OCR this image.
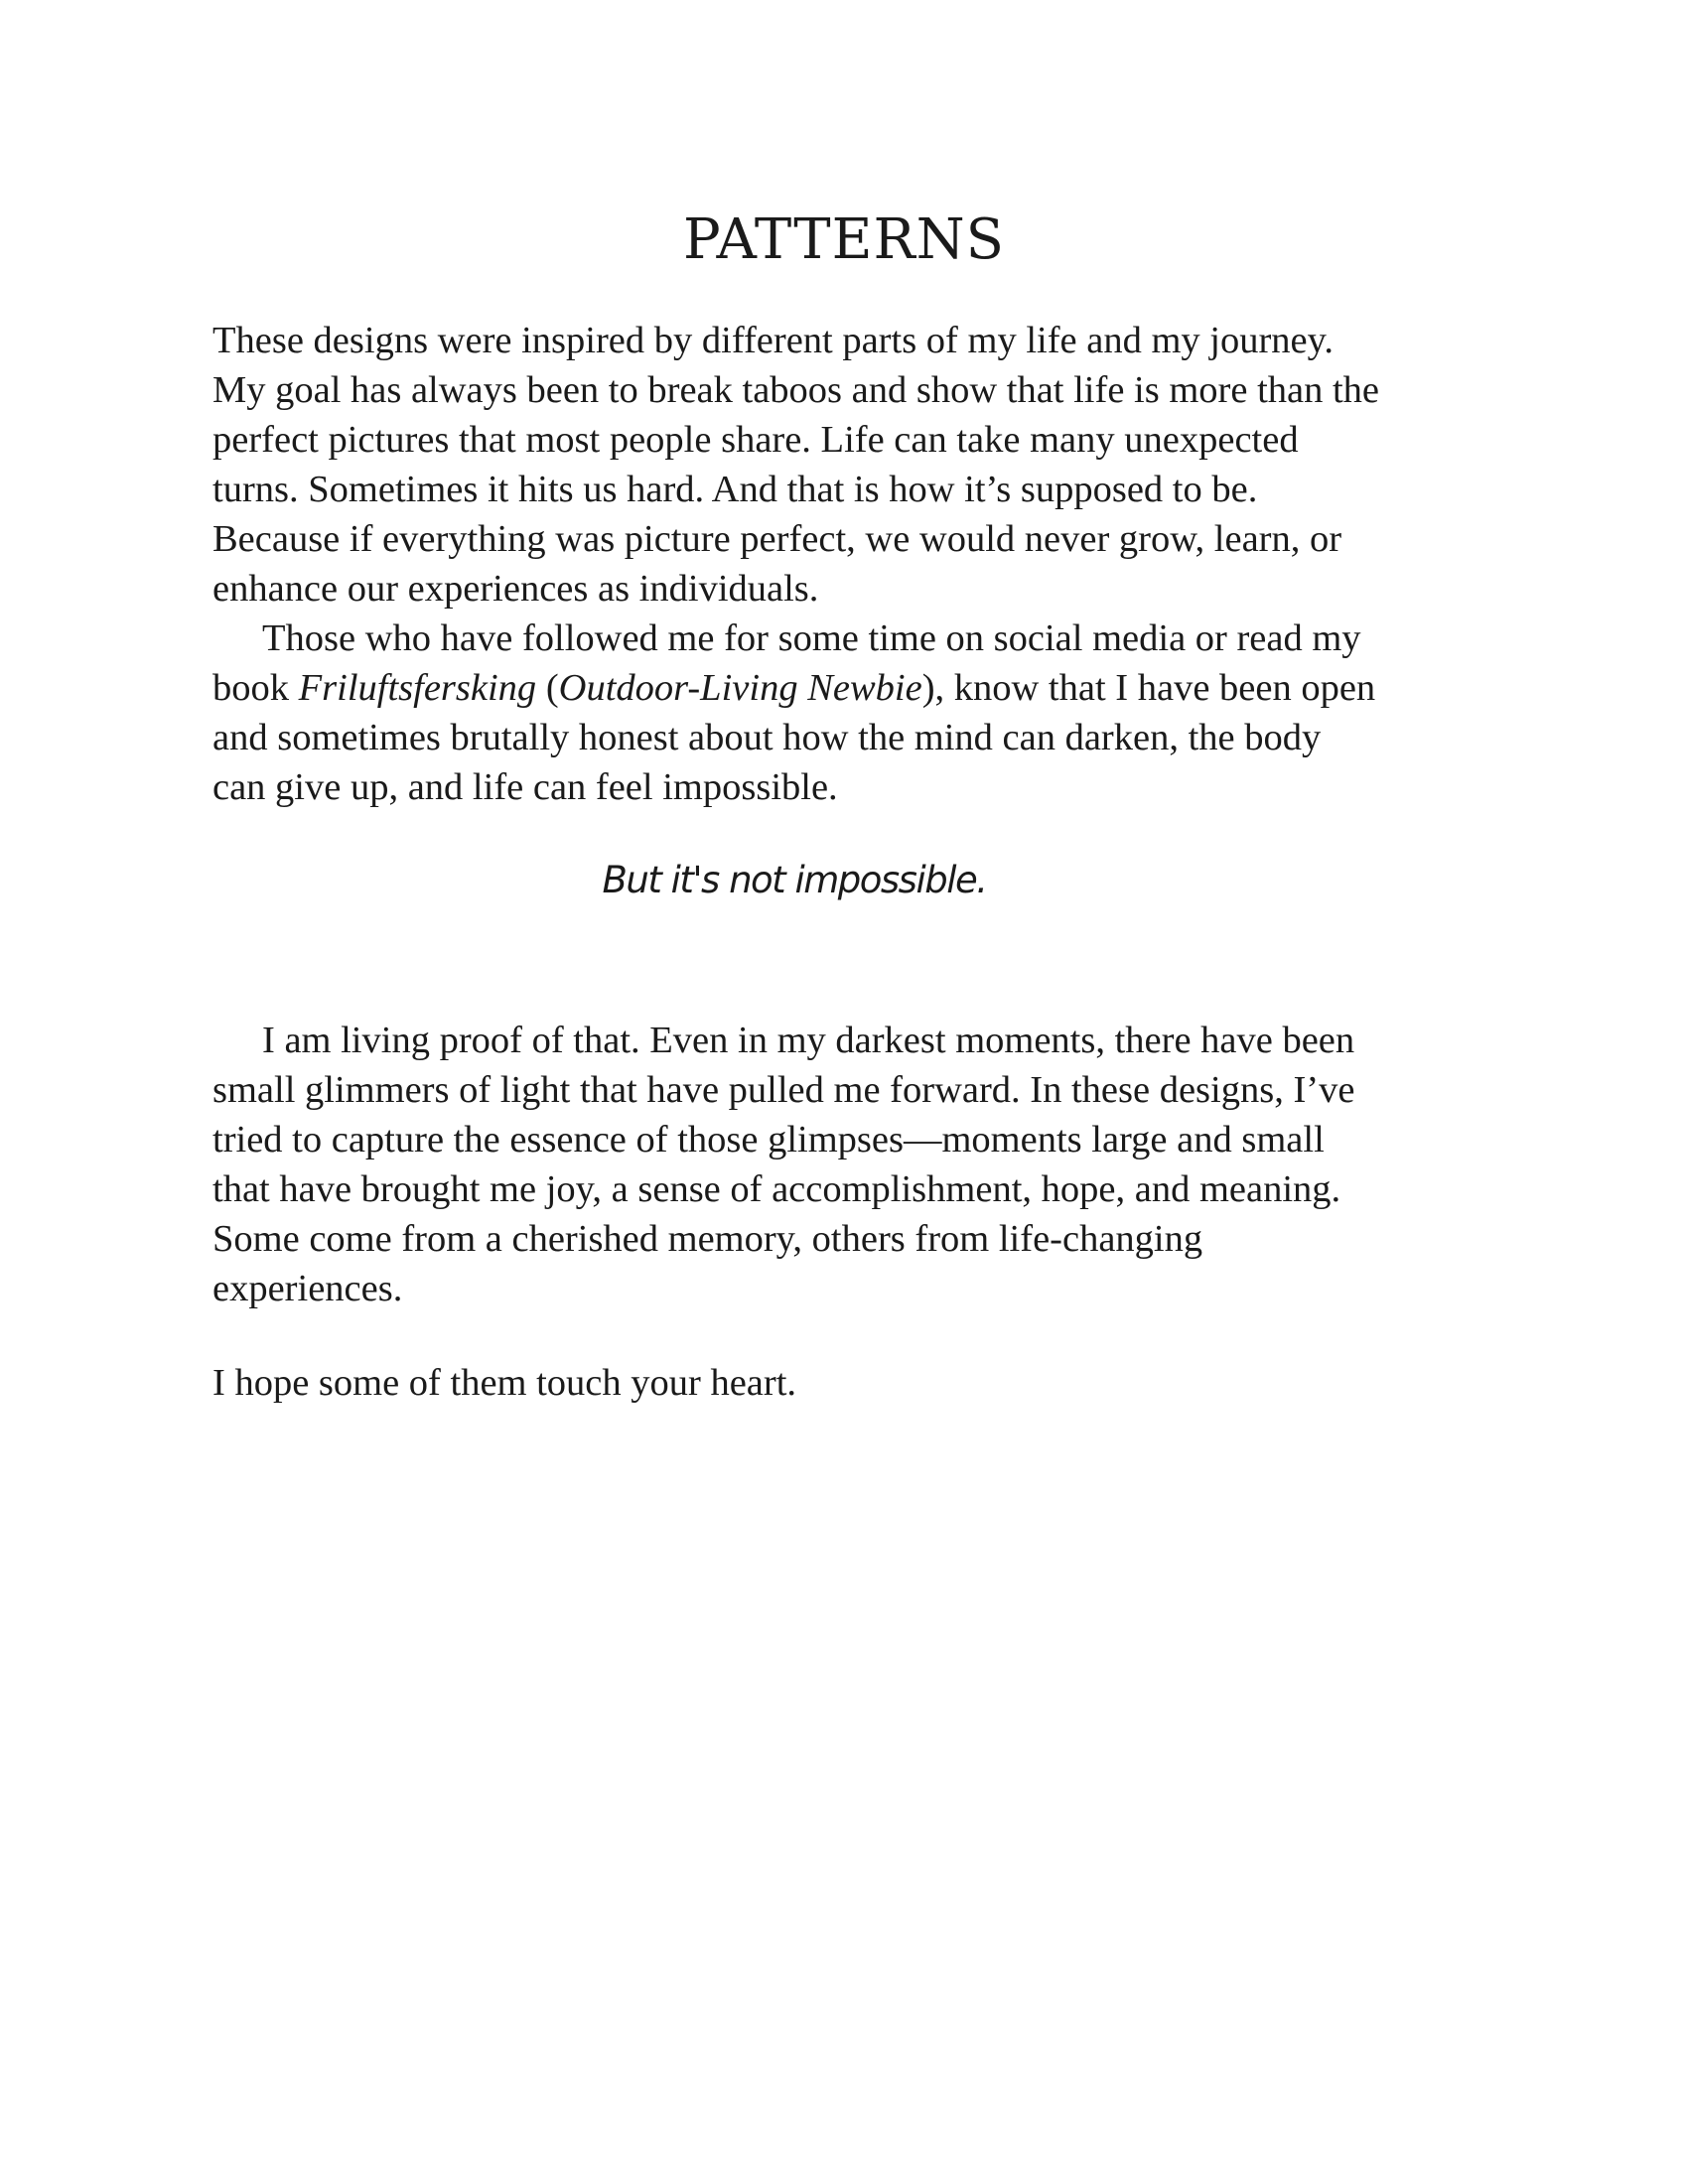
PATTERNS
These designs were inspired by different parts of my life and my journey.
My goal has always been to break taboos and show that life is more than the
perfect pictures that most people share. Life can take many unexpected
turns. Sometimes it hits us hard. And that is how it’s supposed to be.
Because if everything was picture perfect, we would never grow, learn, or
enhance our experiences as individuals.
Those who have followed me for some time on social media or read my
book Friluftsfersking (Outdoor-Living Newbie), know that I have been open
and sometimes brutally honest about how the mind can darken, the body
can give up, and life can feel impossible.
But it's not impossible.
I am living proof of that. Even in my darkest moments, there have been
small glimmers of light that have pulled me forward. In these designs, I’ve
tried to capture the essence of those glimpses—moments large and small
that have brought me joy, a sense of accomplishment, hope, and meaning.
Some come from a cherished memory, others from life-changing
experiences.
I hope some of them touch your heart.
